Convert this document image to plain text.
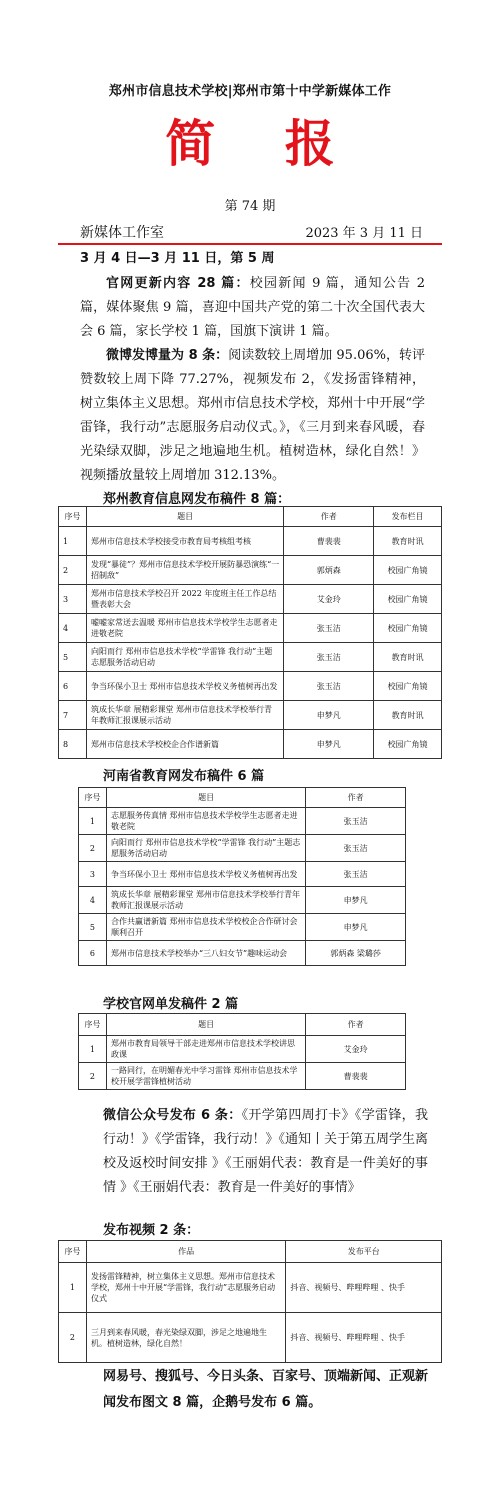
郑州市信息技术学校|郑州市第十中学新媒体工作
简 报
第 74 期
新媒体工作室	2023 年 3 月 11 日
3 月 4 日—3 月 11 日，第 5 周
官网更新内容 28 篇：校园新闻 9 篇，通知公告 2 篇，媒体聚焦 9 篇，喜迎中国共产党的第二十次全国代表大会 6 篇，家长学校 1 篇，国旗下演讲 1 篇。
微博发博量为 8 条：阅读数较上周增加 95.06%，转评赞数较上周下降 77.27%，视频发布 2，《发扬雷锋精神，树立集体主义思想。郑州市信息技术学校，郑州十中开展“学雷锋，我行动”志愿服务启动仪式。》，《三月到来春风暖，春光染绿双脚，涉足之地遍地生机。植树造林，绿化自然！》视频播放量较上周增加 312.13%。
郑州教育信息网发布稿件 8 篇：
序号	题目	作者	发布栏目
1	郑州市信息技术学校接受市教育局考核组考核	曹裴裴	教育时讯
2	发现“暴徒”？郑州市信息技术学校开展防暴恐演练“一招制敌”	郭炳森	校园广角镜
3	郑州市信息技术学校召开 2022 年度班主任工作总结暨表彰大会	艾金玲	校园广角镜
4	嘘嘘家常送去温暖 郑州市信息技术学校学生志愿者走进敬老院	张玉洁	校园广角镜
5	向阳而行 郑州市信息技术学校“学雷锋 我行动”主题志愿服务活动启动	张玉洁	教育时讯
6	争当环保小卫士 郑州市信息技术学校义务植树再出发	张玉洁	校园广角镜
7	筑成长华章 展精彩课堂 郑州市信息技术学校举行青年教师汇报课展示活动	申梦凡	教育时讯
8	郑州市信息技术学校校企合作谱新篇	申梦凡	校园广角镜
河南省教育网发布稿件 6 篇
序号	题目	作者
1	志愿服务传真情 郑州市信息技术学校学生志愿者走进敬老院	张玉洁
2	向阳而行 郑州市信息技术学校“学雷锋 我行动”主题志愿服务活动启动	张玉洁
3	争当环保小卫士 郑州市信息技术学校义务植树再出发	张玉洁
4	筑成长华章 展精彩课堂 郑州市信息技术学校举行青年教师汇报课展示活动	申梦凡
5	合作共赢谱新篇 郑州市信息技术学校校企合作研讨会顺利召开	申梦凡
6	郑州市信息技术学校举办“三八妇女节”趣味运动会	郭炳森 梁璐莎
学校官网单发稿件 2 篇
序号	题目	作者
1	郑州市教育局领导干部走进郑州市信息技术学校讲思政课	艾金玲
2	一路同行，在明媚春光中学习雷锋 郑州市信息技术学校开展学雷锋植树活动	曹裴裴
微信公众号发布 6 条：《开学第四周打卡》《学雷锋，我行动！》《学雷锋，我行动！》《通知丨关于第五周学生离校及返校时间安排 》《王丽娟代表：教育是一件美好的事情 》《王丽娟代表：教育是一件美好的事情》
发布视频 2 条：
序号	作品	发布平台
1	发扬雷锋精神，树立集体主义思想。郑州市信息技术学校，郑州十中开展“学雷锋，我行动”志愿服务启动仪式	抖音、视频号、哔哩哔哩 、快手
2	三月到来春风暖，春光染绿双脚，涉足之地遍地生机。植树造林，绿化自然！	抖音、视频号、哔哩哔哩 、快手
网易号、搜狐号、今日头条、百家号、顶端新闻、正观新闻发布图文 8 篇，企鹅号发布 6 篇。
